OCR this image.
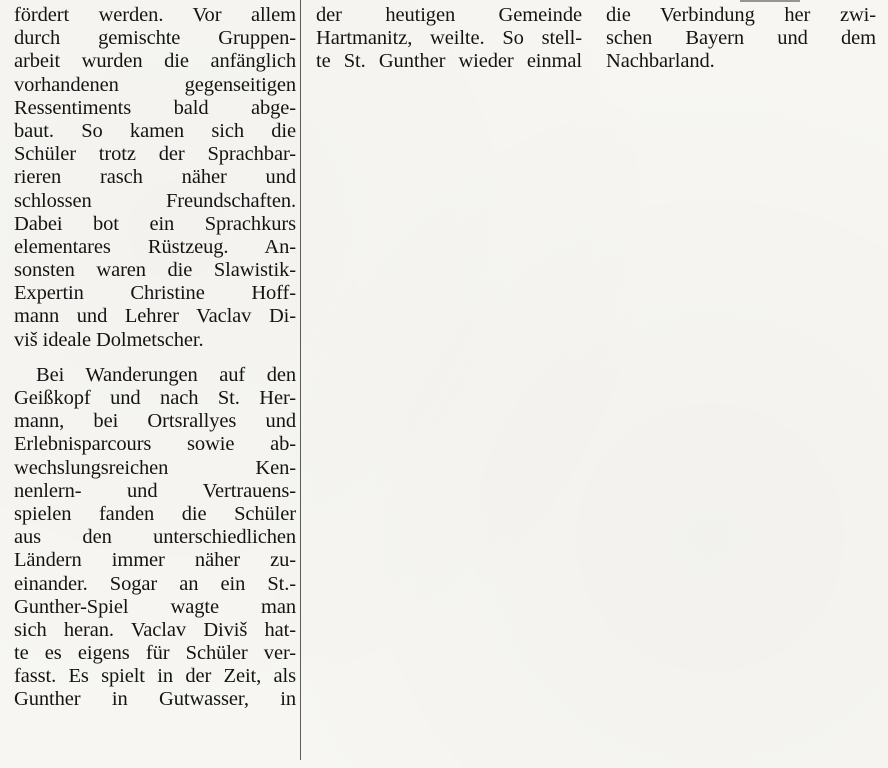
fördert werden. Vor allem
durch gemischte Gruppen-
arbeit wurden die anfänglich
vorhandenen gegenseitigen
Ressentiments bald abge-
baut. So kamen sich die
Schüler trotz der Sprachbar-
rieren rasch näher und
schlossen Freundschaften.
Dabei bot ein Sprachkurs
elementares Rüstzeug. An-
sonsten waren die Slawistik-
Expertin Christine Hoff-
mann und Lehrer Vaclav Di-
viš ideale Dolmetscher.
Bei Wanderungen auf den
Geißkopf und nach St. Her-
mann, bei Ortsrallyes und
Erlebnisparcours sowie ab-
wechslungsreichen Ken-
nenlern- und Vertrauens-
spielen fanden die Schüler
aus den unterschiedlichen
Ländern immer näher zu-
einander. Sogar an ein St.-
Gunther-Spiel wagte man
sich heran. Vaclav Diviš hat-
te es eigens für Schüler ver-
fasst. Es spielt in der Zeit, als
Gunther in Gutwasser, in
der heutigen Gemeinde
Hartmanitz, weilte. So stell-
te St. Gunther wieder einmal
die Verbindung her zwi-
schen Bayern und dem
Nachbarland.
